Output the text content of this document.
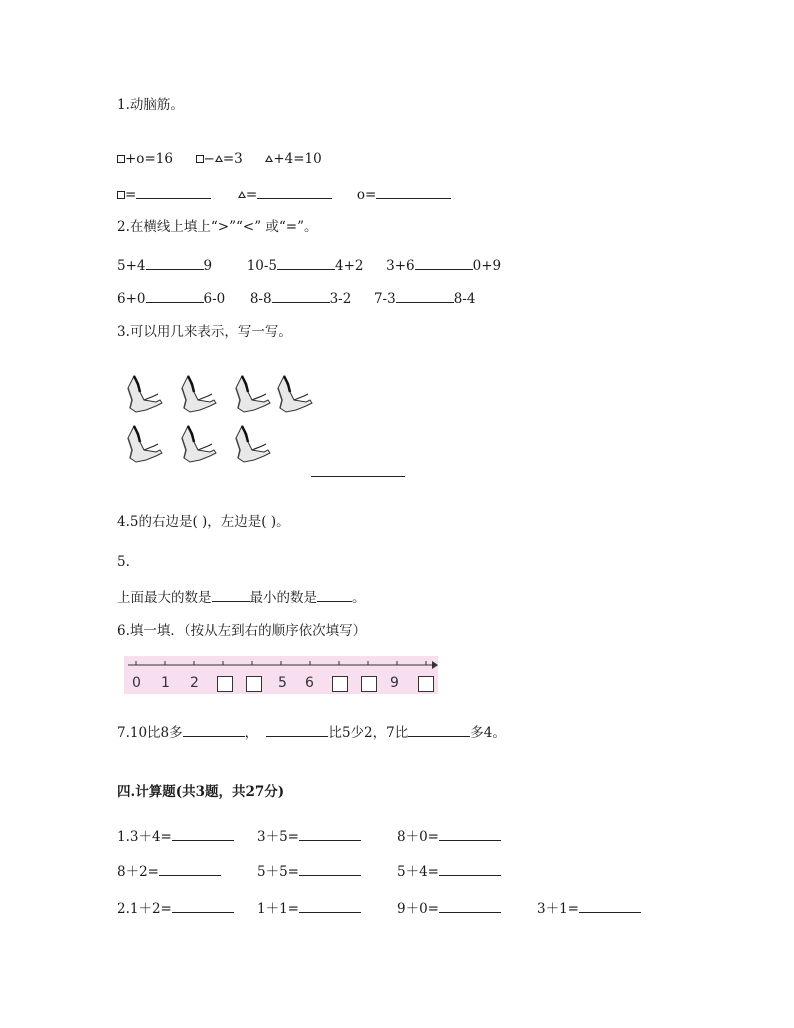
1.动脑筋。
+o=16 − =3 +4=10
=	=	o=
2.在横线上填上“>”“<” 或“=”。
5+4	9	10-5	4+2 3+6	0+9
6+0	6-0 8-8	3-2 7-3	8-4
3.可以用几来表示，写一写。
4.5的右边是( )，左边是( )。
5.
上面最大的数是	最小的数是	。
6.填一填．（按从左到右的顺序依次填写）
0 1 2	5 6	9
7.10比8多	，	比5少2，7比	多4。
四.计算题(共3题，共27分)
1.3＋4=	3＋5=	8＋0=
8＋2=	5＋5=	5＋4=
2.1＋2=	1＋1=	9＋0=	3＋1=
